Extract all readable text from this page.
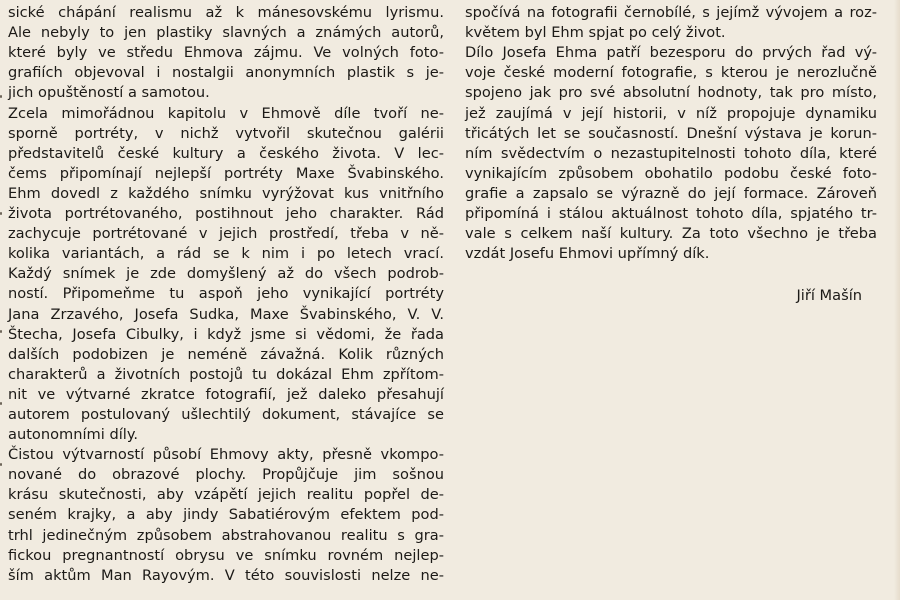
sické chápání realismu až k mánesovskému lyrismu.
Ale nebyly to jen plastiky slavných a známých autorů,
které byly ve středu Ehmova zájmu. Ve volných foto-
grafiích objevoval i nostalgii anonymních plastik s je-
jich opuštěností a samotou.
Zcela mimořádnou kapitolu v Ehmově díle tvoří ne-
sporně portréty, v nichž vytvořil skutečnou galérii
představitelů české kultury a českého života. V lec-
čems připomínají nejlepší portréty Maxe Švabinského.
Ehm dovedl z každého snímku vyrýžovat kus vnitřního
života portrétovaného, postihnout jeho charakter. Rád
zachycuje portrétované v jejich prostředí, třeba v ně-
kolika variantách, a rád se k nim i po letech vrací.
Každý snímek je zde domyšlený až do všech podrob-
ností. Připomeňme tu aspoň jeho vynikající portréty
Jana Zrzavého, Josefa Sudka, Maxe Švabinského, V. V.
Štecha, Josefa Cibulky, i když jsme si vědomi, že řada
dalších podobizen je neméně závažná. Kolik různých
charakterů a životních postojů tu dokázal Ehm zpřítom-
nit ve výtvarné zkratce fotografií, jež daleko přesahují
autorem postulovaný ušlechtilý dokument, stávajíce se
autonomními díly.
Čistou výtvarností působí Ehmovy akty, přesně vkompo-
nované do obrazové plochy. Propůjčuje jim sošnou
krásu skutečnosti, aby vzápětí jejich realitu popřel de-
seném krajky, a aby jindy Sabatiérovým efektem pod-
trhl jedinečným způsobem abstrahovanou realitu s gra-
fickou pregnantností obrysu ve snímku rovném nejlep-
ším aktům Man Rayovým. V této souvislosti nelze ne-
spočívá na fotografii černobílé, s jejímž vývojem a roz-
květem byl Ehm spjat po celý život.
Dílo Josefa Ehma patří bezesporu do prvých řad vý-
voje české moderní fotografie, s kterou je nerozlučně
spojeno jak pro své absolutní hodnoty, tak pro místo,
jež zaujímá v její historii, v níž propojuje dynamiku
třicátých let se současností. Dnešní výstava je korun-
ním svědectvím o nezastupitelnosti tohoto díla, které
vynikajícím způsobem obohatilo podobu české foto-
grafie a zapsalo se výrazně do její formace. Zároveň
připomíná i stálou aktuálnost tohoto díla, spjatého tr-
vale s celkem naší kultury. Za toto všechno je třeba
vzdát Josefu Ehmovi upřímný dík.
Jiří Mašín
